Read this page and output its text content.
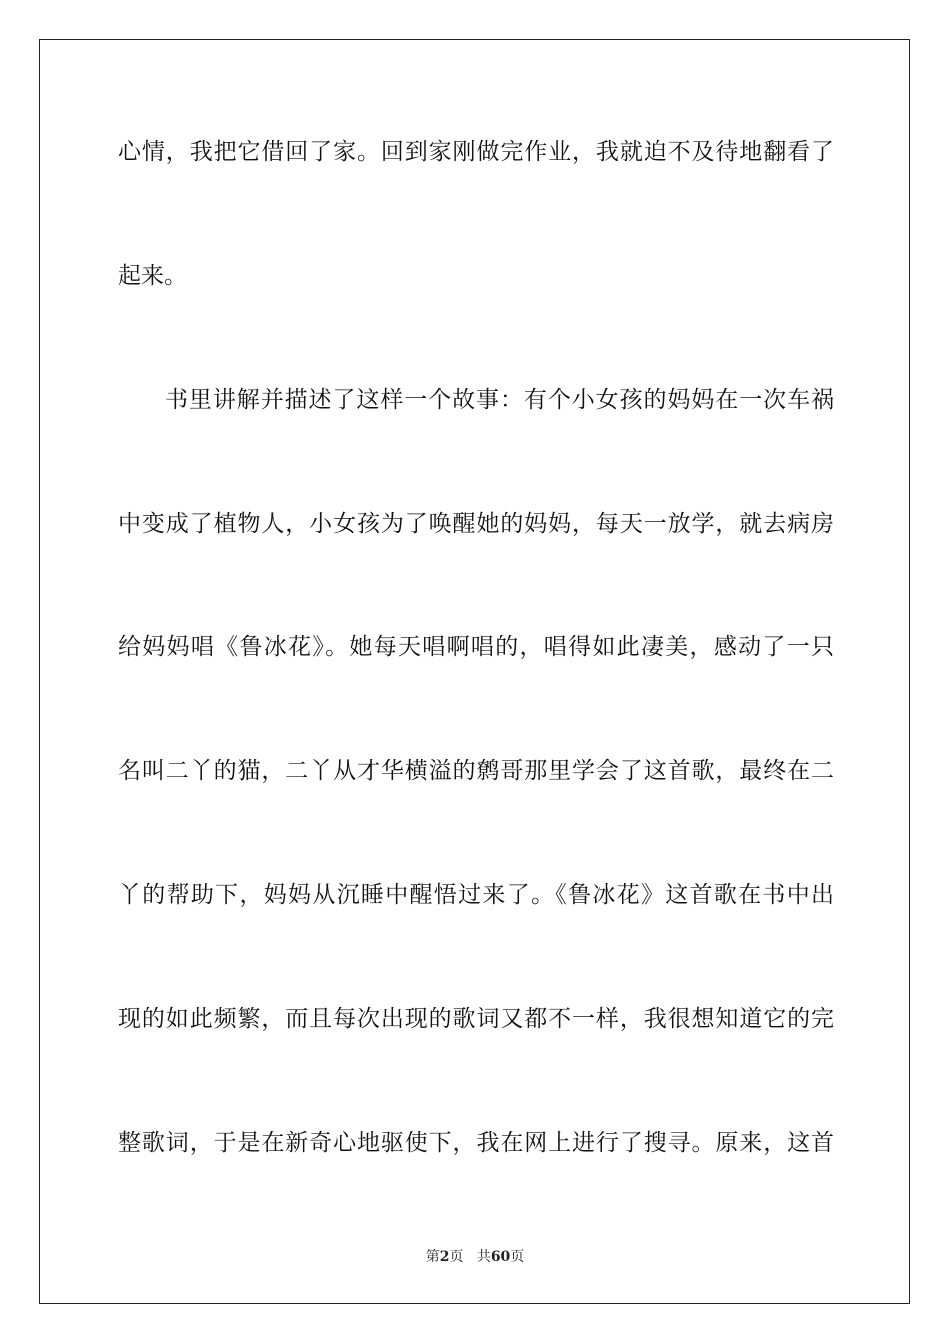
心情，我把它借回了家。回到家刚做完作业，我就迫不及待地翻看了
起来。
书里讲解并描述了这样一个故事：有个小女孩的妈妈在一次车祸
中变成了植物人，小女孩为了唤醒她的妈妈，每天一放学，就去病房
给妈妈唱《鲁冰花》。她每天唱啊唱的，唱得如此凄美，感动了一只
名叫二丫的猫，二丫从才华横溢的鹩哥那里学会了这首歌，最终在二
丫的帮助下，妈妈从沉睡中醒悟过来了。《鲁冰花》这首歌在书中出
现的如此频繁，而且每次出现的歌词又都不一样，我很想知道它的完
整歌词，于是在新奇心地驱使下，我在网上进行了搜寻。原来，这首
第2页 共60页
